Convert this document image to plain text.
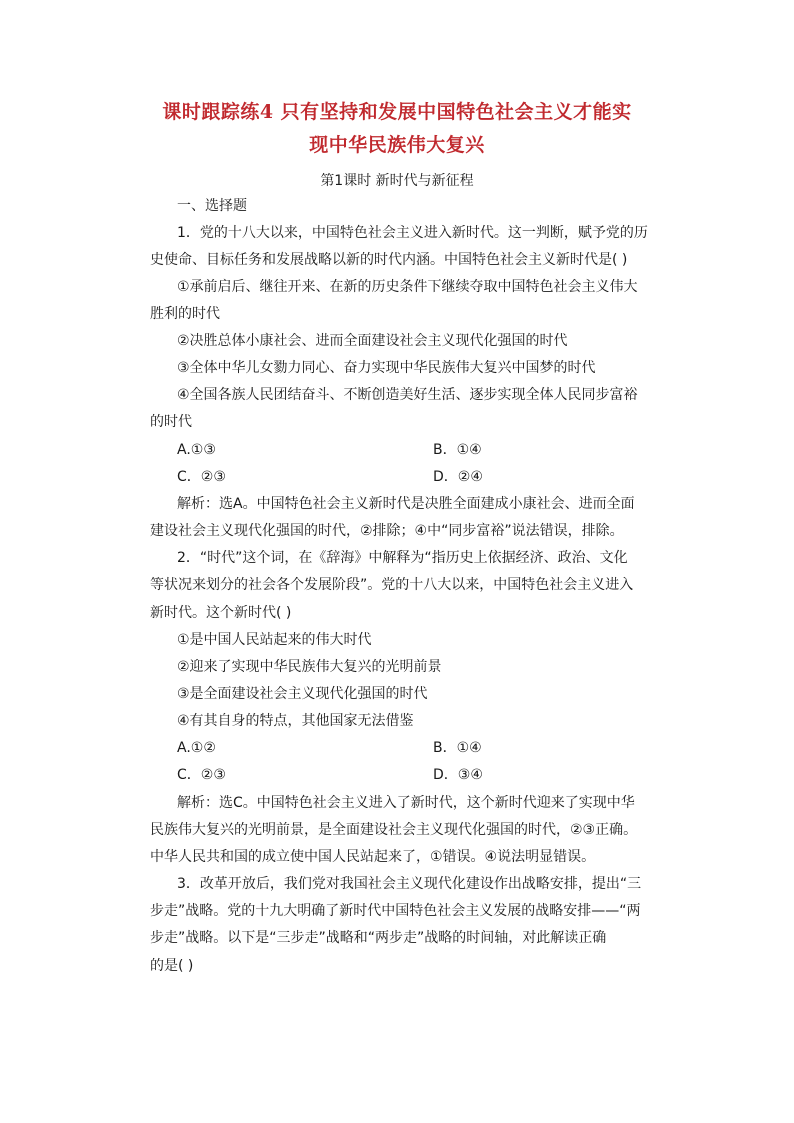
课时跟踪练4 只有坚持和发展中国特色社会主义才能实
现中华民族伟大复兴
第1课时 新时代与新征程
一、选择题
1．党的十八大以来，中国特色社会主义进入新时代。这一判断，赋予党的历
史使命、目标任务和发展战略以新的时代内涵。中国特色社会主义新时代是( )
①承前启后、继往开来、在新的历史条件下继续夺取中国特色社会主义伟大
胜利的时代
②决胜总体小康社会、进而全面建设社会主义现代化强国的时代
③全体中华儿女勠力同心、奋力实现中华民族伟大复兴中国梦的时代
④全国各族人民团结奋斗、不断创造美好生活、逐步实现全体人民同步富裕
的时代
A.①③	B．①④
C．②③	D．②④
解析：选A。中国特色社会主义新时代是决胜全面建成小康社会、进而全面
建设社会主义现代化强国的时代，②排除；④中“同步富裕”说法错误，排除。
2．“时代”这个词，在《辞海》中解释为“指历史上依据经济、政治、文化
等状况来划分的社会各个发展阶段”。党的十八大以来，中国特色社会主义进入
新时代。这个新时代( )
①是中国人民站起来的伟大时代
②迎来了实现中华民族伟大复兴的光明前景
③是全面建设社会主义现代化强国的时代
④有其自身的特点，其他国家无法借鉴
A.①②	B．①④
C．②③	D．③④
解析：选C。中国特色社会主义进入了新时代，这个新时代迎来了实现中华
民族伟大复兴的光明前景，是全面建设社会主义现代化强国的时代，②③正确。
中华人民共和国的成立使中国人民站起来了，①错误。④说法明显错误。
3．改革开放后，我们党对我国社会主义现代化建设作出战略安排，提出“三
步走”战略。党的十九大明确了新时代中国特色社会主义发展的战略安排——“两
步走”战略。以下是“三步走”战略和“两步走”战略的时间轴，对此解读正确
的是( )
